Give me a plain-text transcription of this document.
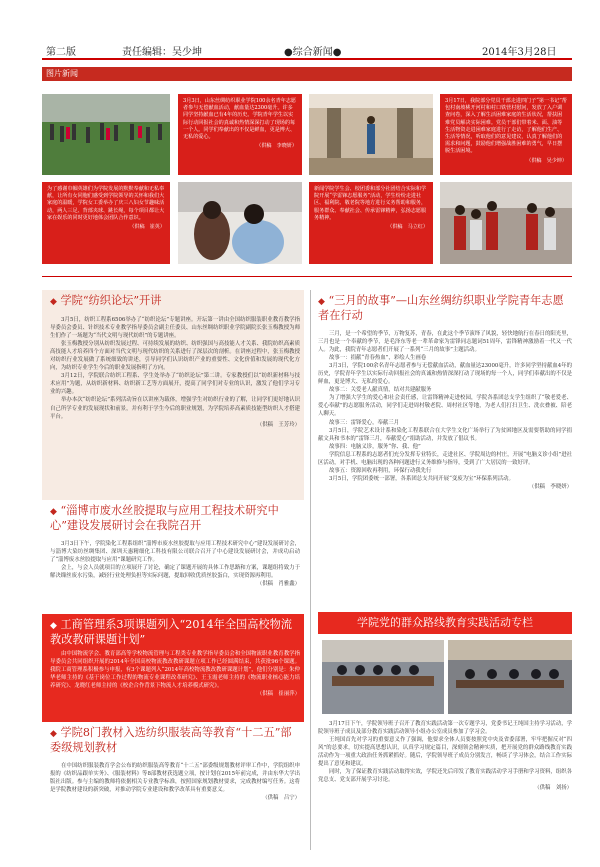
第二版	责任编辑：吴少坤	●综合新闻●	2014年3月28日
图片新闻
3月3日，山东丝绸纺织职业学院100余名青年志愿者参与无偿献血活动，献血量达2300毫升。许多同学坚持献血已有4年的历史。学院青年学生以实际行动回报社会的真诚和热情深深打动了现场的每一个人。同学们奉献出的不仅是鲜血，更是博大、无私的爱心。
（供稿　李晓妍）
3月17日，我院部分党员干部走进四门子“第一书记”帮包村南坡桃开河村和村口铁营村慰问，发放了入户调查问卷，深入了解生活困难家庭的生活状况，帮扶困难党员解决实际困难。党员干部们带着米、面、油等生活物资走进困难家庭进行了走访，了解他们生产、生活等情况，听取他们的意见建议，认真了解他们的需求和问题，鼓励他们增强战胜困难的勇气，早日摆脱生活困境。
（供稿　吴少坤）
为了感谢巾帼英雄们为学院发展的默默奉献和无私奉献，让所有女同胞们感受到学院领导的关怀和我们大家庭的温暖，学院女工委举办了庆三八妇女节趣味活动，两人三足、背部夹球、跳长绳，每个项目都让大家在娱乐的同时更好地体会团队合作意识。
（供稿　崔英）
新闻学院学生会、校团委和部分社团结合实际和学院开展“学雷锋志愿服务”活动，学生纷纷走进社区、福利院、敬老院等地方进行义务帮助和服务，服务群众、奉献社会、传承雷锋精神，弘扬志愿服务精神。
（供稿　马立红）
◆ 学院“纺织论坛”开讲

3月5日，纺织工程系6506举办了“纺织论坛”专题讲座。开坛第一讲由全国纺织服装职业教育教学指导委员会委员、针织技术专业教学指导委员会副主任委员、山东丝绸纺织职业学院副院长张玉梅教授为师生们作了一场题为“当代文明与现代纺织”的专题讲座。

张玉梅教授分别从纺织发展过程、可持续发展的纺织、纺织强国与高技能人才关系、我院纺织高素质高技能人才培养四个方面对当代文明与现代纺织的关系进行了深层次的剖析。在讲座过程中，张玉梅教授对纺织行业发展做了系统细致的讲述，引导同学们认识纺织产业的重要性、文化价值和发展的现代化方向，为纺织专业学生今后的职业发展指明了方向。

3月12日，学院联合纺织工程系、学生处举办了“纺织论坛”第二讲。专家教授们以“纺织新材料与技术应用”为题，从纺织新材料、纺织新工艺等方面展开，提高了同学们对专业的认识，激发了他们学习专业的兴趣。

举办本次“纺织论坛”系列活动旨在以讲座为载体，增强学生对纺织行业的了解，让同学们更好地认识自己所学专业的发展现状和前景，并有利于学生今后的职业规划，为学院培养高素质技能型纺织人才搭建平台。

（供稿　王芳玲）

◆ “淄博市废水丝胶提取与应用工程技术研究中心”建设发展研讨会在我院召开

3月3日下午，学院染化工程系组织“淄博市废水丝胶提取与应用工程技术研究中心”建设发展研讨会，与淄博大染坊丝绸集团、深圳天惠精细化工科技有限公司联合召开了中心建设发展研讨会，并成功启动了“淄博废水丝胶提取与应用”课题研究工作。

会上，与会人员就项目的立项展开了讨论，确定了课题开展的具体工作思路和方案，课题组将致力于解决缫丝废水污染，减轻行业处理负担等实际问题，提取回收优质丝胶蛋白，实现资源再利用。

（供稿　肖雅鑫）

◆ 工商管理系3项课题列入“2014年全国高校物流教改教研课题计划”

由中国物流学会、教育部高等学校物流管理与工程类专业教学指导委员会和全国物流职业教育教学指导委员会共同组织开展的2014年全国高校物流教改教研课题立项工作已经圆满结束，共获批96个课题。我院工商管理系积极参与申报，有3个课题列入“2014年高校物流教改教研课题计划”，他们分别是：朱仲华老师主持的《基于岗位工作过程的物流专业课程改革研究》、王玉霞老师主持的《物流职业核心能力培养研究》、龙晓红老师主持的《校企合作背景下物流人才培养模式研究》。

（供稿　崔丽萍）

◆ 学院8门教材入选纺织服装高等教育“十二五”部委级规划教材

在中国纺织服装教育学会公布的纺织服装高等教育“十二五”部委级规划教材评审工作中，学院组织申报的《纺织品跟单实务》、《服装材料》等8部教材获选题立项，按计划在2015年前完成，并由东华大学出版社出版。参与主编的教师将依据相关专业教学标准，按照国家规划教材要求，完成教材编写任务。这将是学院教材建设的新突破，对推动学院专业建设和教学改革具有重要意义。

（供稿　吕宁）

◆ “三月的故事”—山东丝绸纺织职业学院青年志愿者在行动

三月，是一个希望的季节，万物复苏，青春，在此这个季节演绎了风貌，轻快地航行在春日的阳光里，三月也是一个奉献的季节，是毛泽东等老一辈革命家为雷锋同志题词51周年，雷锋精神激励着一代又一代人。为此，我院青年志愿者们开展了一系列“三月的故事”主题活动。

故事一：捐献“青春热血”，彩绘人生画卷

3月3日，学院100余名青年志愿者参与无偿献血活动，献血量达23000毫升，许多同学坚持献血4年的历史，学院青年学生以实际行动回报社会的真诚和热情深深打动了现场的每一个人，同学们奉献出的不仅是鲜血，更是博大、无私的爱心。

故事二：关爱老人献真情，结对共建献服务

为了增强大学生的爱心和社会责任感，让雷锋精神走进校园，学院各系团总支学生组织了“敬老爱老、爱心奉献”的志愿服务活动，同学们走进周村敬老院、周村社区等地，为老人们打扫卫生、洗衣叠被、陪老人聊天。

故事三：雷锋爱心，奉献三月

3月5日，学院艺术设计系和染化工程系联合在大学生文化广场举行了为贫困地区及需要帮助的同学捐献文具和书本的“雷锋三月，奉献爱心”捐助活动，并发放了倡议书。

故事四：电脑义诊，服务“你、我、他”

学院信息工程系的志愿者们充分发挥专业特长，走进社区、学院周边的村庄，开展“电脑义诊小组”进社区活动，对手机、电脑出现的各种问题进行义务维修与指导，受到了广大居民的一致好评。

故事五：资源回收再利用，环保行动我先行

3月5日，学院团委统一部署，各系团总支共同开展“变废为宝”环保系列活动。

（供稿　李晓妍）

学院党的群众路线教育实践活动专栏

3月17日下午，学院领导班子召开了教育实践活动第一次专题学习，党委书记王纯国主持学习活动，学院领导班子成员及部分教育实践活动领导小组办公室成员参加了学习会。

王纯国首先对学习的重要意义作了强调，他要求全体人员要按照党中央及省委部署，牢牢把握反对“四风”的总要求，切实提高思想认识，认真学习规定篇目，深刻领会精神实质，把开展党的群众路线教育实践活动作为一项重大政治任务抓紧抓好。随后，学院领导班子成员分别发言，畅谈了学习体会，结合工作实际提出了意见和建议。

同时，为了保证教育实践活动取得实效，学院还先后印发了教育实践活动学习手册和学习资料，组织各党总支、党支部开展学习讨论。

（供稿　刘扬）
